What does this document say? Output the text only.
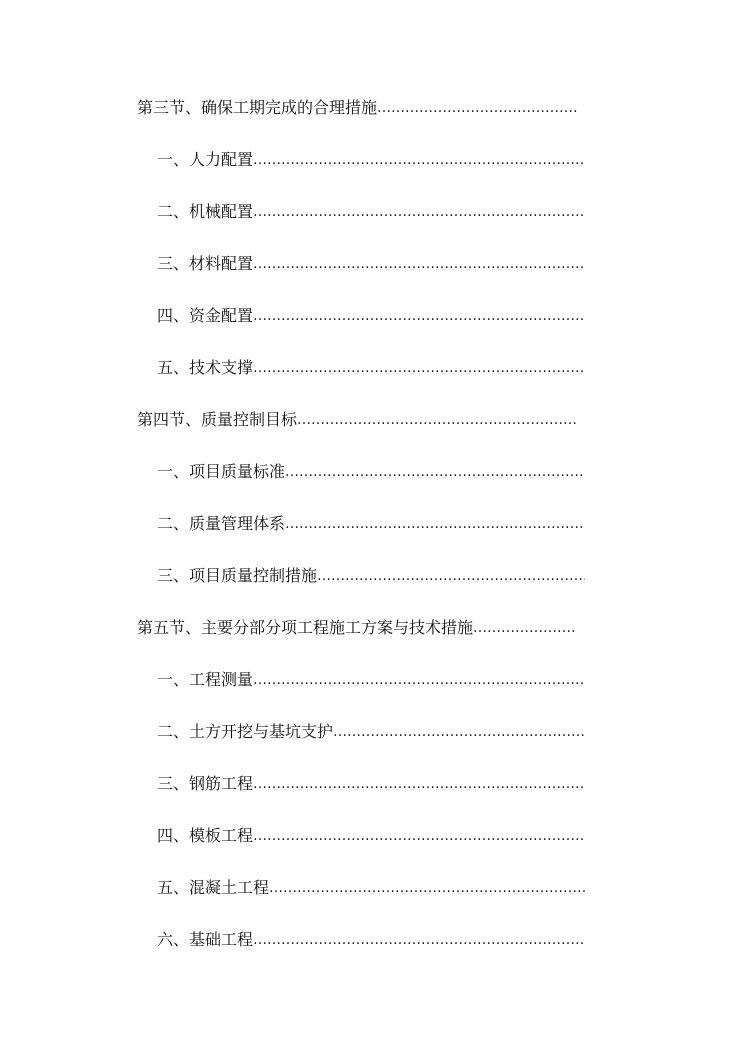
第三节、确保工期完成的合理措施
………………………………………………………………………………………………………………
一、 人力配置
………………………………………………………………………………………………………………
二、 机械配置
………………………………………………………………………………………………………………
三、 材料配置
………………………………………………………………………………………………………………
四、 资金配置
………………………………………………………………………………………………………………
五、 技术支撑
………………………………………………………………………………………………………………
第四节、质量控制目标
………………………………………………………………………………………………………………
一、 项目质量标准
………………………………………………………………………………………………………………
二、 质量管理体系
………………………………………………………………………………………………………………
三、 项目质量控制措施
………………………………………………………………………………………………………………
第五节、主要分部分项工程施工方案与技术措施
………………………………………………………………………………………………………………
一、 工程测量
………………………………………………………………………………………………………………
二、 土方开挖与基坑支护
………………………………………………………………………………………………………………
三、 钢筋工程
………………………………………………………………………………………………………………
四、 模板工程
………………………………………………………………………………………………………………
五、 混凝土工程
………………………………………………………………………………………………………………
六、 基础工程
………………………………………………………………………………………………………………
